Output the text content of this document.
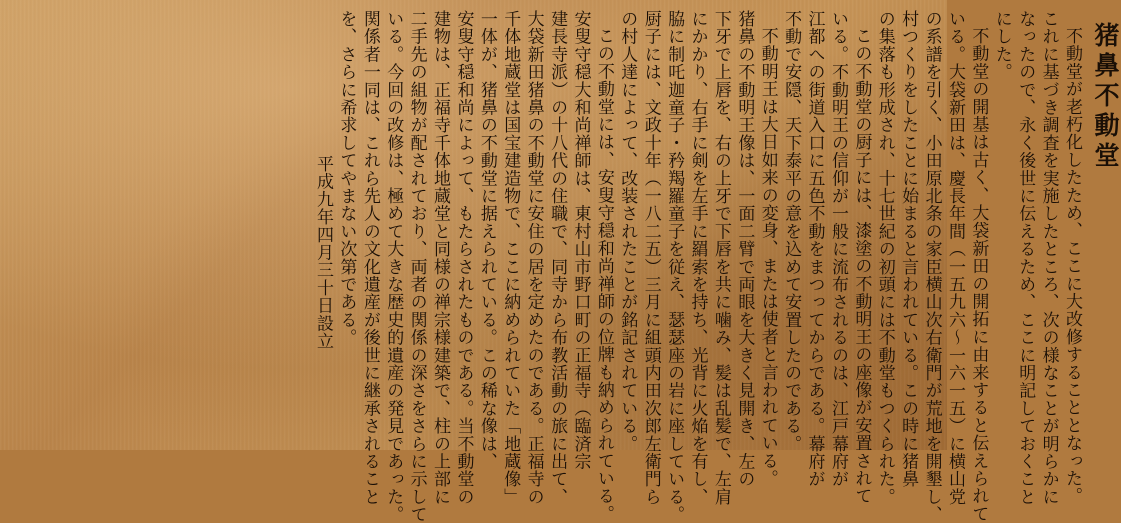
猪鼻不動堂
不動堂が老朽化したため、ここに大改修することとなった。
これに基づき調査を実施したところ、次の様なことが明らかに
なったので、永く後世に伝えるため、ここに明記しておくこと
にした。
不動堂の開基は古く、大袋新田の開拓に由来すると伝えられて
いる。大袋新田は、慶長年間（一五九六〜一六一五）に横山党
の系譜を引く、小田原北条の家臣横山次右衛門が荒地を開墾し、
村つくりをしたことに始まると言われている。この時に猪鼻
の集落も形成され、十七世紀の初頭には不動堂もつくられた。
この不動堂の厨子には、漆塗の不動明王の座像が安置されて
いる。不動明王の信仰が一般に流布されるのは、江戸幕府が
江都への街道入口に五色不動をまつってからである。幕府が
不動で安隠、天下泰平の意を込めて安置したのである。
不動明王は大日如来の変身、または使者と言われている。
猪鼻の不動明王像は、一面二臂で両眼を大きく見開き、左の
下牙で上唇を、右の上牙で下唇を共に噛み、髪は乱髪で、左肩
にかかり、右手に剣を左手に羂索を持ち、光背に火焔を有し、
脇に制吒迦童子・矜羯羅童子を従え、瑟瑟座の岩に座している。
厨子には、文政十年（一八二五）三月に組頭内田次郎左衛門ら
の村人達によって、改装されたことが銘記されている。
この不動堂には、安叟守穏和尚禅師の位牌も納められている。
安叟守穏大和尚禅師は、東村山市野口町の正福寺（臨済宗
建長寺派）の十八代の住職で、同寺から布教活動の旅に出て、
大袋新田猪鼻の不動堂に安住の居を定めたのである。正福寺の
千体地蔵堂は国宝建造物で、ここに納められていた「地蔵像」
一体が、猪鼻の不動堂に据えられている。この稀な像は、
安叟守穏和尚によって、もたらされたものである。当不動堂の
建物は、正福寺千体地蔵堂と同様の禅宗様建築で、柱の上部に
二手先の組物が配されており、両者の関係の深さをさらに示して
いる。今回の改修は、極めて大きな歴史的遺産の発見であった。
関係者一同は、これら先人の文化遺産が後世に継承されること
を、さらに希求してやまない次第である。
平成九年四月三十日設立
